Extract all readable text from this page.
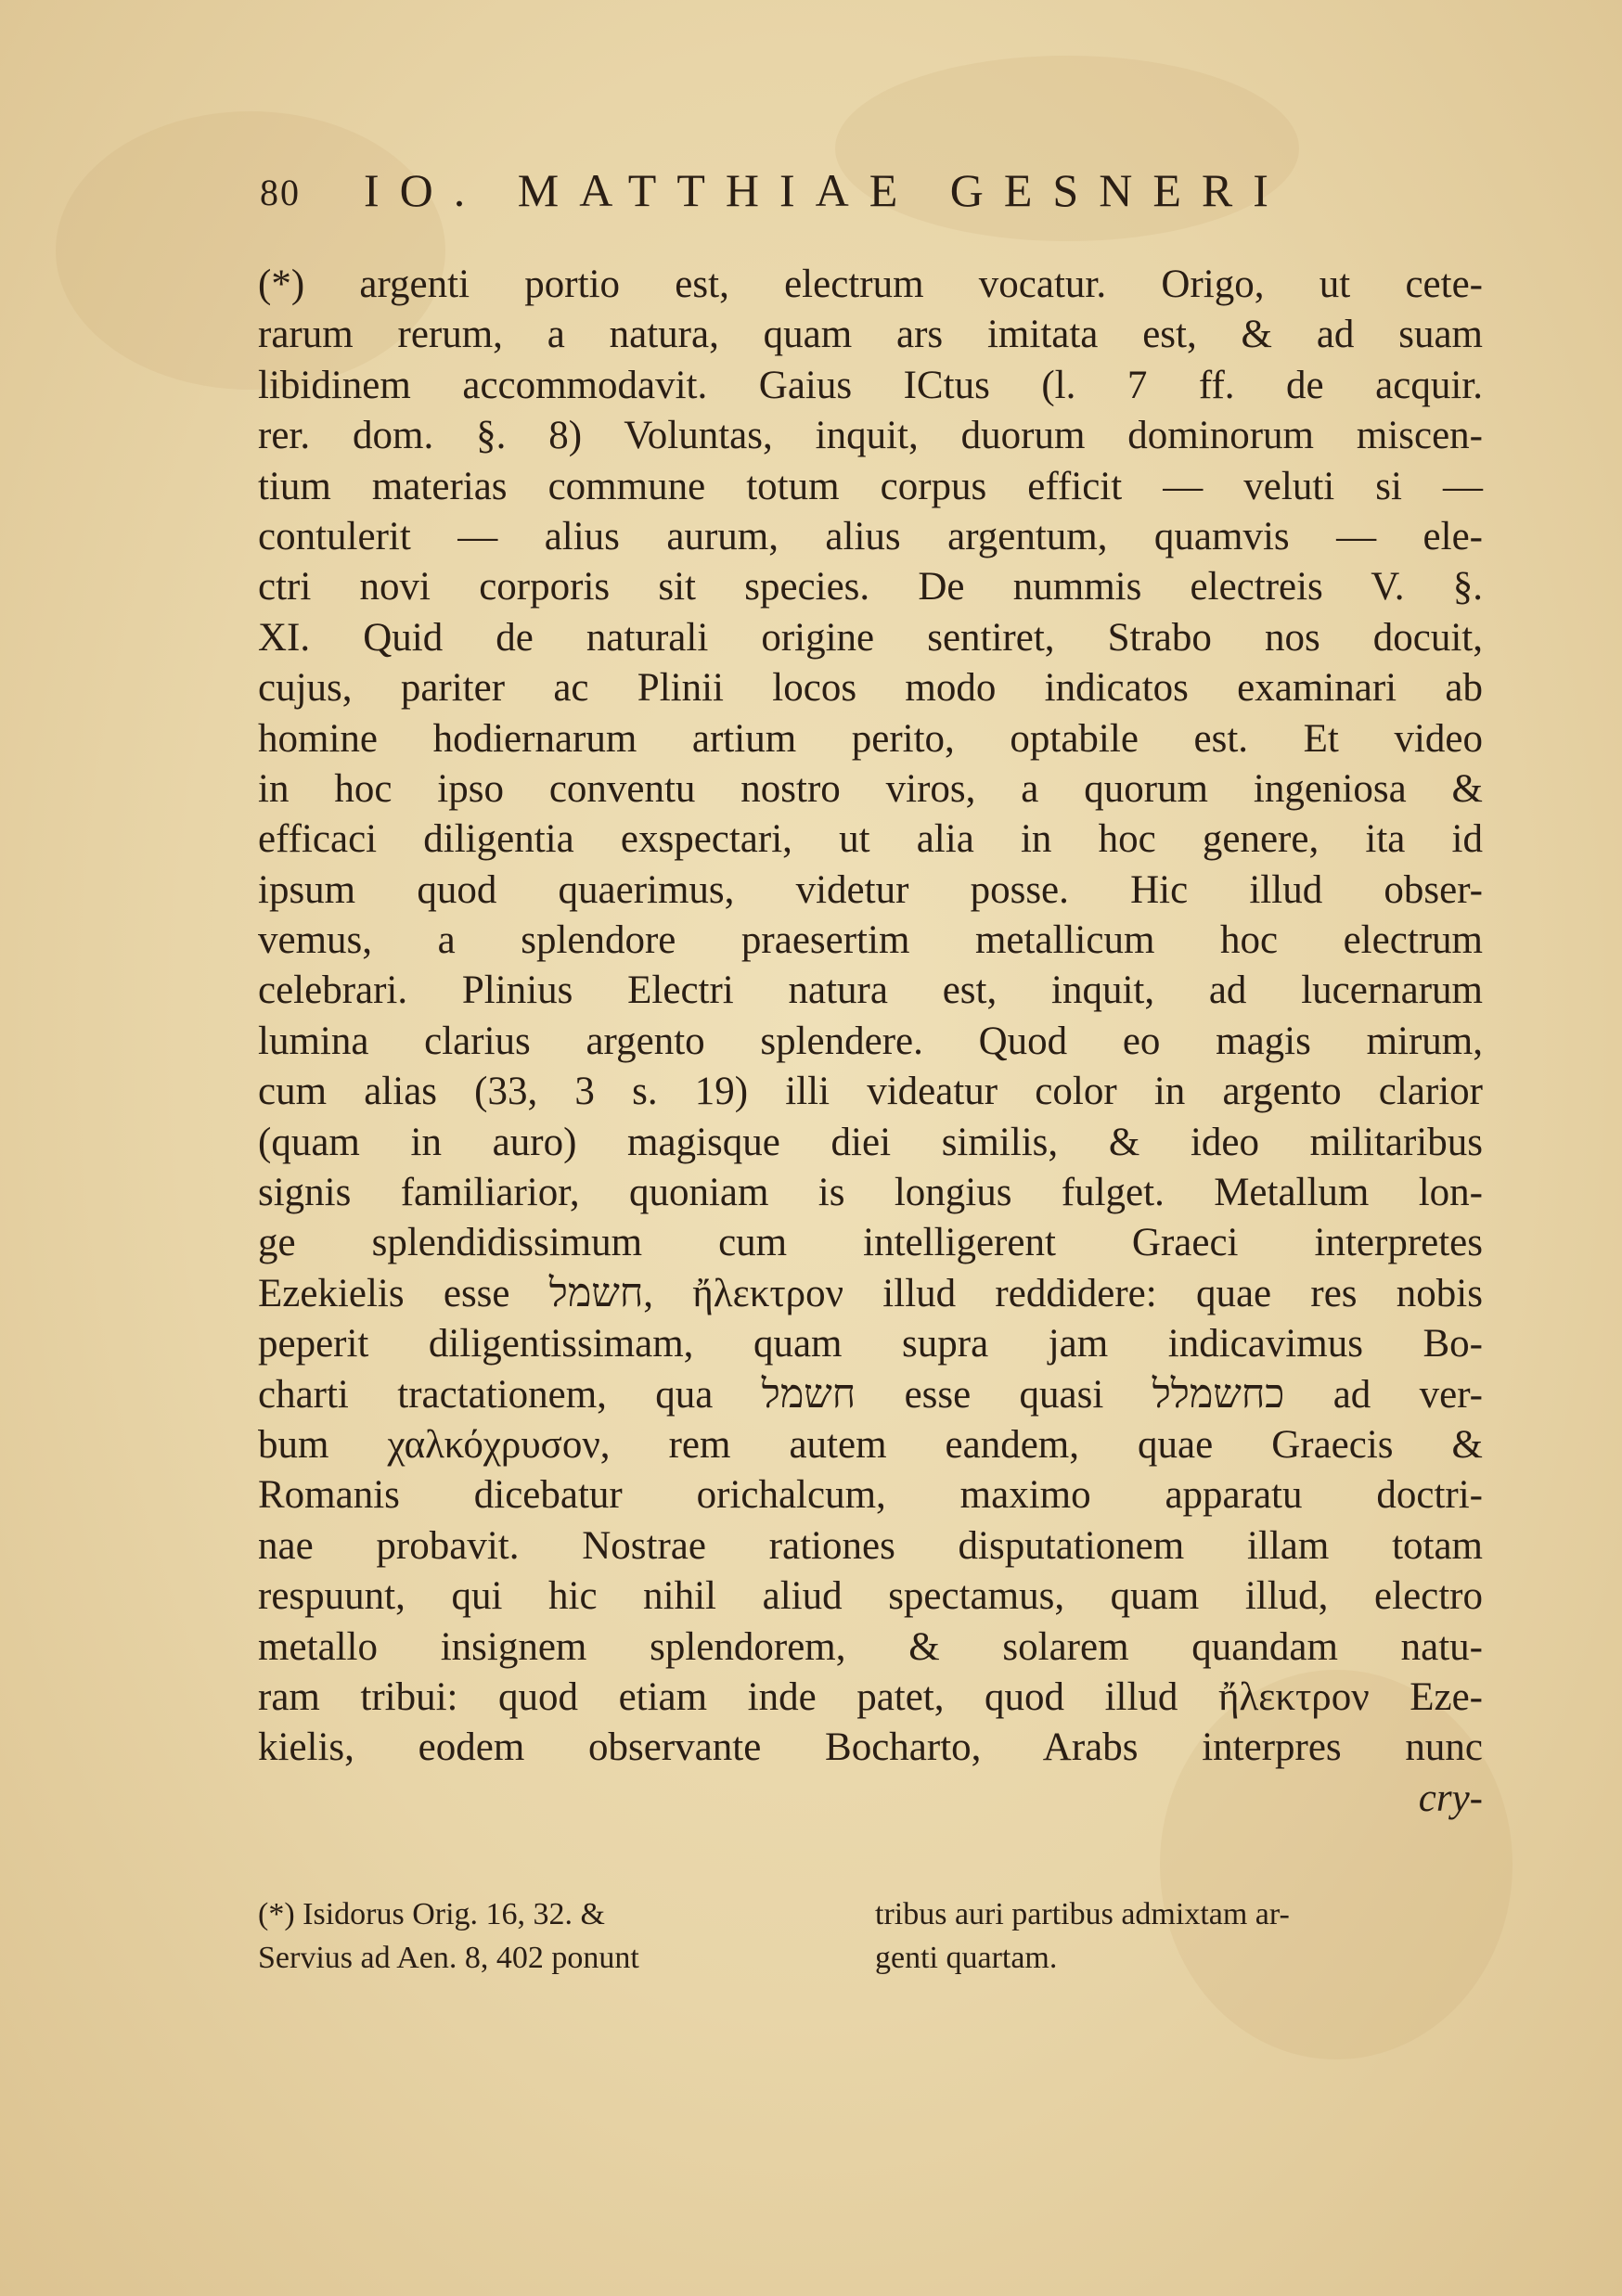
80 IO. MATTHIAE GESNERI
(*) argenti portio est, electrum vocatur. Origo, ut cete-
rarum rerum, a natura, quam ars imitata est, & ad suam
libidinem accommodavit. Gaius ICtus (l. 7 ff. de acquir.
rer. dom. §. 8) Voluntas, inquit, duorum dominorum miscen-
tium materias commune totum corpus efficit — veluti si —
contulerit — alius aurum, alius argentum, quamvis — ele-
ctri novi corporis sit species. De nummis electreis V. §.
XI. Quid de naturali origine sentiret, Strabo nos docuit,
cujus, pariter ac Plinii locos modo indicatos examinari ab
homine hodiernarum artium perito, optabile est. Et video
in hoc ipso conventu nostro viros, a quorum ingeniosa &
efficaci diligentia exspectari, ut alia in hoc genere, ita id
ipsum quod quaerimus, videtur posse. Hic illud obser-
vemus, a splendore praesertim metallicum hoc electrum
celebrari. Plinius Electri natura est, inquit, ad lucernarum
lumina clarius argento splendere. Quod eo magis mirum,
cum alias (33, 3 s. 19) illi videatur color in argento clarior
(quam in auro) magisque diei similis, & ideo militaribus
signis familiarior, quoniam is longius fulget. Metallum lon-
ge splendidissimum cum intelligerent Graeci interpretes
Ezekielis esse חשמל, ἤλεκτρον illud reddidere: quae res nobis
peperit diligentissimam, quam supra jam indicavimus Bo-
charti tractationem, qua חשמל esse quasi כחשמלל ad ver-
bum χαλκόχρυσον, rem autem eandem, quae Graecis &
Romanis dicebatur orichalcum, maximo apparatu doctri-
nae probavit. Nostrae rationes disputationem illam totam
respuunt, qui hic nihil aliud spectamus, quam illud, electro
metallo insignem splendorem, & solarem quandam natu-
ram tribui: quod etiam inde patet, quod illud ἤλεκτρον Eze-
kielis, eodem observante Bocharto, Arabs interpres nunc
cry-
(*) Isidorus Orig. 16, 32. &
Servius ad Aen. 8, 402 ponunt
tribus auri partibus admixtam ar-
genti quartam.
